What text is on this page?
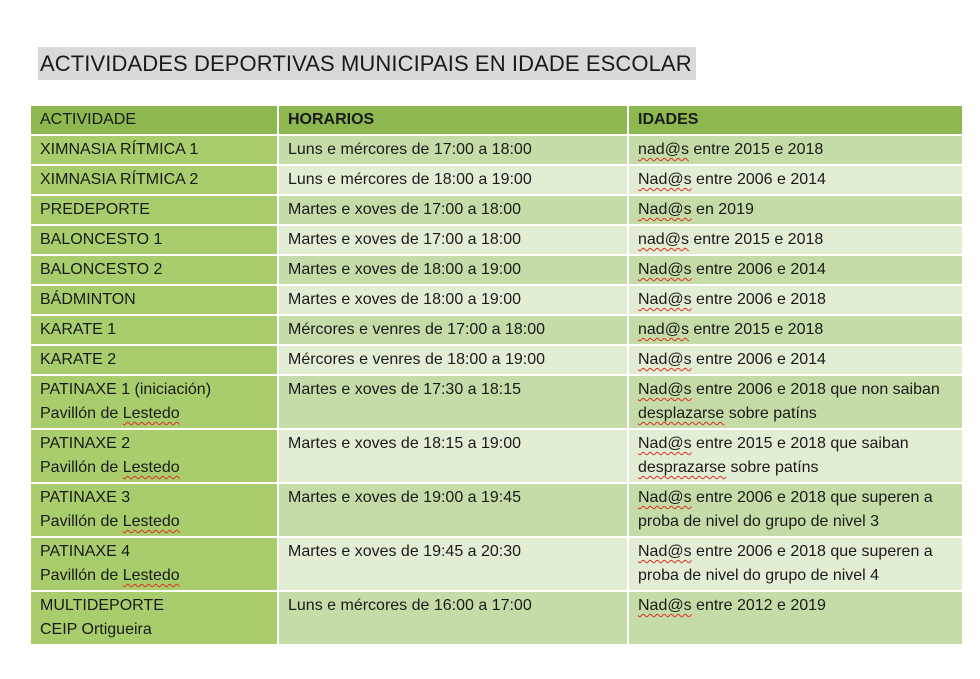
ACTIVIDADES DEPORTIVAS MUNICIPAIS EN IDADE ESCOLAR
ACTIVIDADE	HORARIOS	IDADES

XIMNASIA RÍTMICA 1	Luns e mércores de 17:00 a 18:00	nad@s entre 2015 e 2018

XIMNASIA RÍTMICA 2	Luns e mércores de 18:00 a 19:00	Nad@s entre 2006 e 2014

PREDEPORTE	Martes e xoves de 17:00 a 18:00	Nad@s en 2019

BALONCESTO 1	Martes e xoves de 17:00 a 18:00	nad@s entre 2015 e 2018

BALONCESTO 2	Martes e xoves de 18:00 a 19:00	Nad@s entre 2006 e 2014

BÁDMINTON	Martes e xoves de 18:00 a 19:00	Nad@s entre 2006 e 2018

KARATE 1	Mércores e venres de 17:00 a 18:00	nad@s entre 2015 e 2018

KARATE 2	Mércores e venres de 18:00 a 19:00	Nad@s entre 2006 e 2014

PATINAXE 1 (iniciación)
Pavillón de Lestedo	Martes e xoves de 17:30 a 18:15	Nad@s entre 2006 e 2018 que non saiban desplazarse sobre patíns

PATINAXE 2
Pavillón de Lestedo	Martes e xoves de 18:15 a 19:00	Nad@s entre 2015 e 2018 que saiban desprazarse sobre patíns

PATINAXE 3
Pavillón de Lestedo	Martes e xoves de 19:00 a 19:45	Nad@s entre 2006 e 2018 que superen a proba de nivel do grupo de nivel 3

PATINAXE 4
Pavillón de Lestedo	Martes e xoves de 19:45 a 20:30	Nad@s entre 2006 e 2018 que superen a proba de nivel do grupo de nivel 4

MULTIDEPORTE
CEIP Ortigueira	Luns e mércores de 16:00 a 17:00	Nad@s entre 2012 e 2019
